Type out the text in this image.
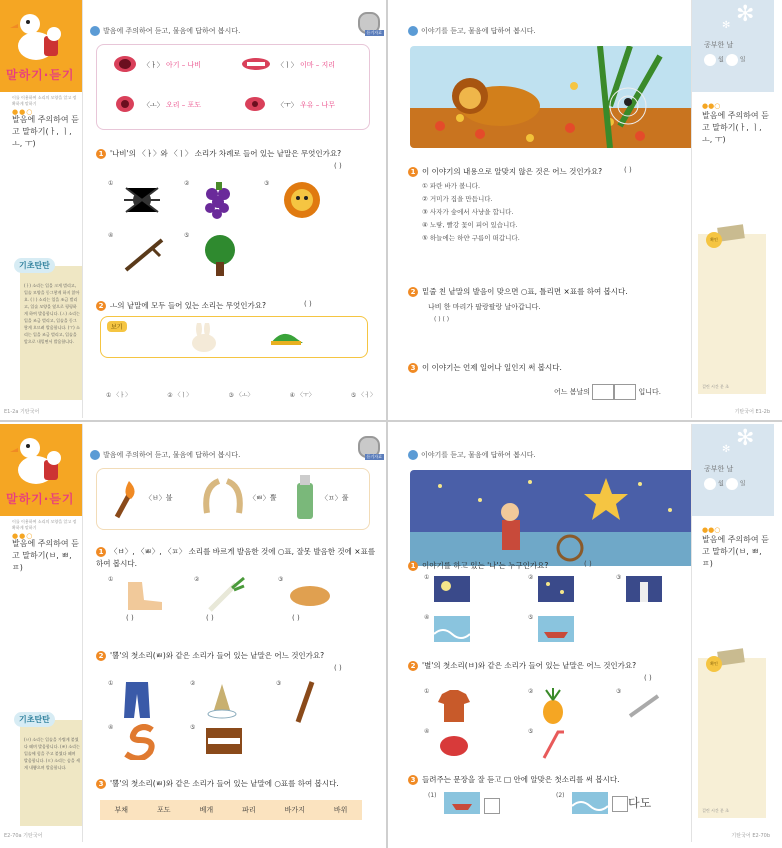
말하기·듣기
이를 이용하여 소리의 모양을 알고 정확하게 말하기
●●○
발음에 주의하여 듣고 말하기(ㅏ, ㅣ, ㅗ, ㅜ)
기초탄탄
(ㅏ) 소리는 입을 크게 벌리고, 입술 모양을 동그랗게 하지 않아요. (ㅣ) 소리는 입을 조금 벌리고, 입술 모양을 옆으로 평평하게 하여 발음합니다. (ㅗ) 소리는 입을 조금 벌리고, 입술을 동그랗게 오므려 발음합니다. (ㅜ) 소리는 입을 조금 벌리고, 입술을 앞으로 내밀면서 발음합니다.
E1-2a 기탄국어
발음에 주의하여 듣고, 물음에 답하여 봅시다.	듣기자료
〈ㅏ〉 아기 – 나비	〈ㅣ〉 이마 – 지리
〈ㅗ〉 오리 – 포도	〈ㅜ〉 우유 – 나무
1 '나비'의 〈ㅏ〉와 〈ㅣ〉 소리가 차례로 들어 있는 낱말은 무엇인가요?
( )
①	②	③
④	⑤
2 ㅗ의 낱말에 모두 들어 있는 소리는 무엇인가요?	( )
보기
① 〈ㅏ〉	② 〈ㅣ〉	③ 〈ㅗ〉	④ 〈ㅜ〉	⑤ 〈ㅓ〉
이야기를 듣고, 물음에 답하여 봅시다.
1 이 이야기의 내용으로 알맞지 않은 것은 어느 것인가요?	( )
① 파란 바가 볼니다.
② 거미가 집을 만듭니다.
③ 사자가 숲에서 사냥을 합니다.
④ 노랗, 빨강 꽃이 피어 있습니다.
⑤ 하늘에는 하얀 구름이 떠갑니다.
2 밑줄 친 낱말의 발음이 맞으면 ○표, 틀리면 ×표를 하여 봅시다.
나비 한 마리가 팔랑팔랑 날아갑니다.
( ) ( )
3 이 이야기는 언제 일어나 일인지 써 봅시다.
어느 봄날의	입니다.
✻
✻
공부한 날
월	일
●●○
발음에 주의하여 듣고 말하기(ㅏ, ㅣ, ㅗ, ㅜ)
확인
걸린 시간 분 초
기탄국어 E1-2b
말하기·듣기
이를 이용하여 소리의 모양을 알고 정확하게 말하기
●●○
발음에 주의하여 듣고 말하기(ㅂ, ㅃ, ㅍ)
기초탄탄
(ㅂ) 소리는 입술을 가볍게 붙였다 떼며 발음합니다. (ㅃ) 소리는 입술에 힘을 주고 붙였다 떼며 발음합니다. (ㅍ) 소리는 숨을 세게 내뿜으며 발음합니다.
E2-70a 기탄국어
발음에 주의하여 듣고, 물음에 답하여 봅시다.	듣기자료
〈ㅂ〉불	〈ㅃ〉뿔	〈ㅍ〉풀
1 〈ㅂ〉, 〈ㅃ〉, 〈ㅍ〉 소리를 바르게 발음한 것에 ○표, 잘못 발음한 것에 ×표를 하여 봅시다.
①
( )
②
( )
③
( )
2 '뿔'의 첫소리(ㅃ)와 같은 소리가 들어 있는 낱말은 어느 것인가요?
( )
①	②	③
④	⑤
3 '뿔'의 첫소리(ㅃ)와 같은 소리가 들어 있는 낱말에 ○표를 하여 봅시다.
부채	포도	베개	파리	바가지	바위
이야기를 듣고, 물음에 답하여 봅시다.
1 이야기를 하고 있는 '나'는 누구인가요?	( )
①	②	③
④	⑤
2 '별'의 첫소리(ㅂ)와 같은 소리가 들어 있는 낱말은 어느 것인가요?
( )
①	②	③
④	⑤
3 들려주는 문장을 잘 듣고 □ 안에 알맞은 첫소리를 써 봅시다.
(1)	(2)
다도
✻
✻
공부한 날
월	일
●●○
발음에 주의하여 듣고 말하기(ㅂ, ㅃ, ㅍ)
확인
걸린 시간 분 초
기탄국어 E2-70b
